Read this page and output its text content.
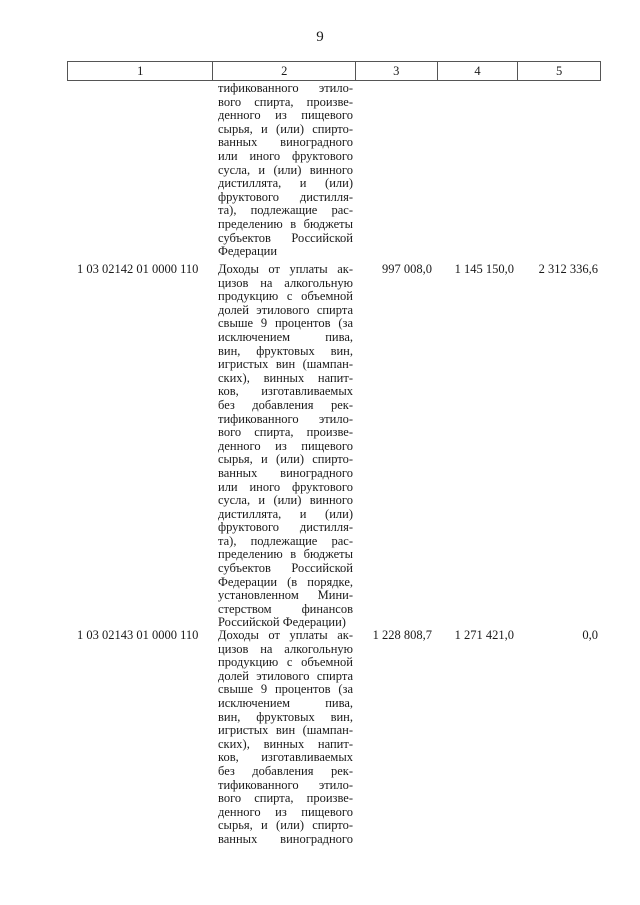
9
1	2	3	4	5
тификованного этило-
вого спирта, произве-
денного из пищевого
сырья, и (или) спирто-
ванных виноградного
или иного фруктового
сусла, и (или) винного
дистиллята, и (или)
фруктового дистилля-
та), подлежащие рас-
пределению в бюджеты
субъектов Российской
Федерации
1 03 02142 01 0000 110	Доходы от уплаты ак-
цизов на алкогольную
продукцию с объемной
долей этилового спирта
свыше 9 процентов (за
исключением пива,
вин, фруктовых вин,
игристых вин (шампан-
ских), винных напит-
ков, изготавливаемых
без добавления рек-
тификованного этило-
вого спирта, произве-
денного из пищевого
сырья, и (или) спирто-
ванных виноградного
или иного фруктового
сусла, и (или) винного
дистиллята, и (или)
фруктового дистилля-
та), подлежащие рас-
пределению в бюджеты
субъектов Российской
Федерации (в порядке,
установленном Мини-
стерством финансов
Российской Федерации)
997 008,0	1 145 150,0	2 312 336,6
1 03 02143 01 0000 110	Доходы от уплаты ак-
цизов на алкогольную
продукцию с объемной
долей этилового спирта
свыше 9 процентов (за
исключением пива,
вин, фруктовых вин,
игристых вин (шампан-
ских), винных напит-
ков, изготавливаемых
без добавления рек-
тификованного этило-
вого спирта, произве-
денного из пищевого
сырья, и (или) спирто-
ванных виноградного
1 228 808,7	1 271 421,0	0,0
